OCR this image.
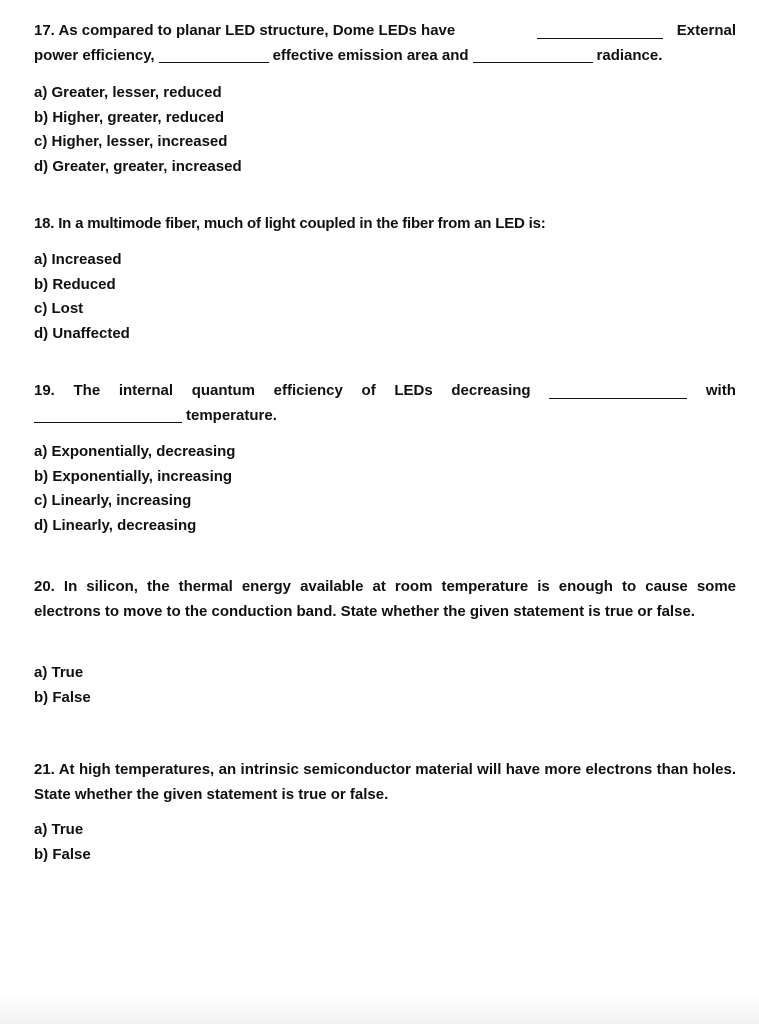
17. As compared to planar LED structure, Dome LEDs have	External
power efficiency,	effective emission area and	radiance.
a) Greater, lesser, reduced
b) Higher, greater, reduced
c) Higher, lesser, increased
d) Greater, greater, increased
18. In a multimode fiber, much of light coupled in the fiber from an LED is:
a) Increased
b) Reduced
c) Lost
d) Unaffected
19. The internal quantum efficiency of LEDs decreasing	with
temperature.
a) Exponentially, decreasing
b) Exponentially, increasing
c) Linearly, increasing
d) Linearly, decreasing
20. In silicon, the thermal energy available at room temperature is enough to cause some electrons to move to the conduction band. State whether the given statement is true or false.
a) True
b) False
21. At high temperatures, an intrinsic semiconductor material will have more electrons than holes. State whether the given statement is true or false.
a) True
b) False
